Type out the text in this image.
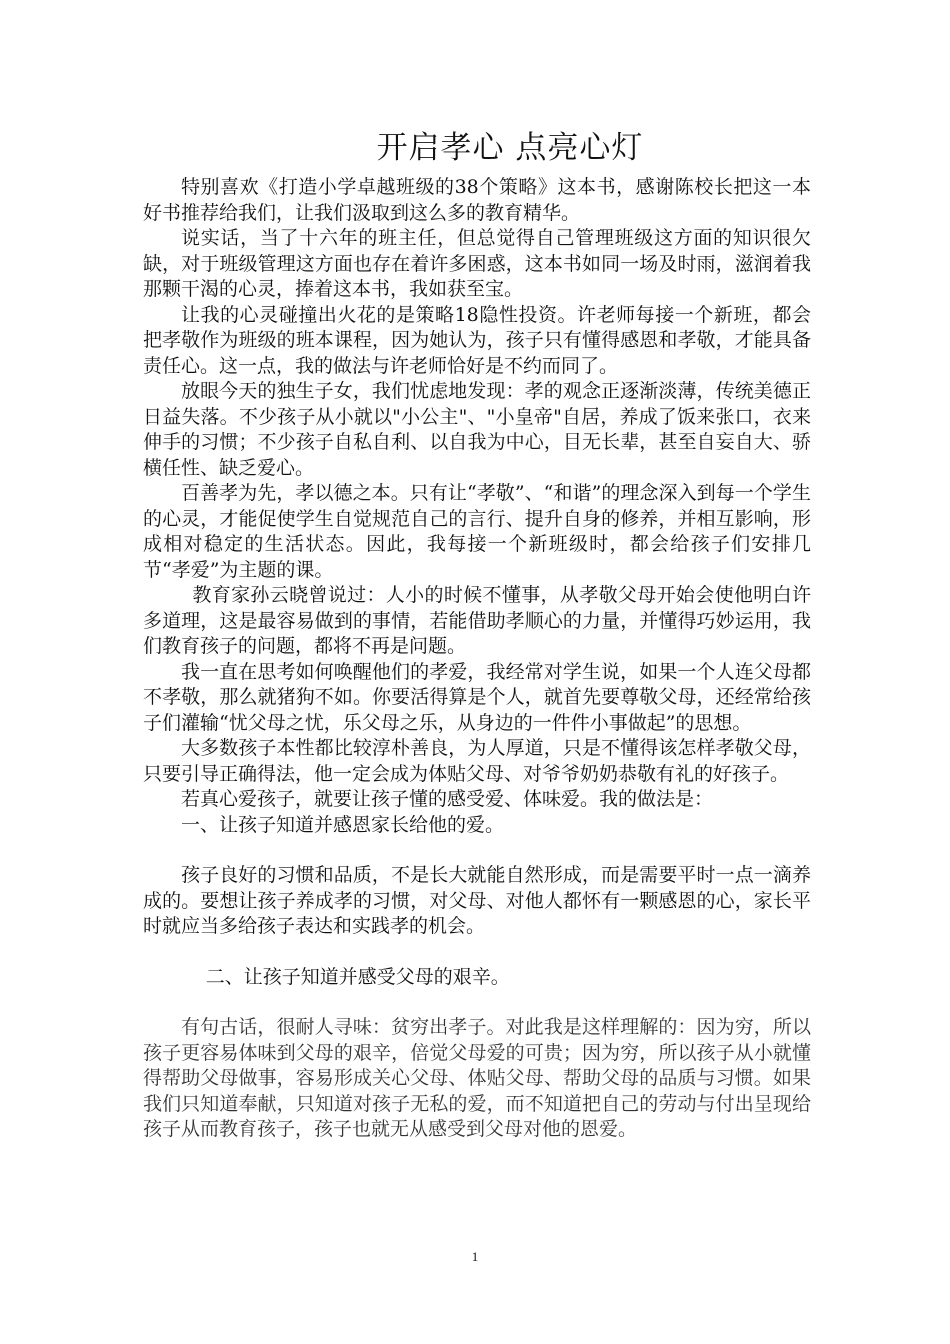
开启孝心 点亮心灯

特别喜欢《打造小学卓越班级的38个策略》这本书，感谢陈校长把这一本好书推荐给我们，让我们汲取到这么多的教育精华。

说实话，当了十六年的班主任，但总觉得自己管理班级这方面的知识很欠缺，对于班级管理这方面也存在着许多困惑，这本书如同一场及时雨，滋润着我那颗干渴的心灵，捧着这本书，我如获至宝。

让我的心灵碰撞出火花的是策略18隐性投资。许老师每接一个新班，都会把孝敬作为班级的班本课程，因为她认为，孩子只有懂得感恩和孝敬，才能具备责任心。这一点，我的做法与许老师恰好是不约而同了。

放眼今天的独生子女，我们忧虑地发现：孝的观念正逐渐淡薄，传统美德正日益失落。不少孩子从小就以"小公主"、"小皇帝"自居，养成了饭来张口，衣来伸手的习惯；不少孩子自私自利、以自我为中心，目无长辈，甚至自妄自大、骄横任性、缺乏爱心。

百善孝为先，孝以德之本。只有让“孝敬”、“和谐”的理念深入到每一个学生的心灵，才能促使学生自觉规范自己的言行、提升自身的修养，并相互影响，形成相对稳定的生活状态。因此，我每接一个新班级时，都会给孩子们安排几节“孝爱”为主题的课。

教育家孙云晓曾说过：人小的时候不懂事，从孝敬父母开始会使他明白许多道理，这是最容易做到的事情，若能借助孝顺心的力量，并懂得巧妙运用，我们教育孩子的问题，都将不再是问题。

我一直在思考如何唤醒他们的孝爱，我经常对学生说，如果一个人连父母都不孝敬，那么就猪狗不如。你要活得算是个人，就首先要尊敬父母，还经常给孩子们灌输“忧父母之忧，乐父母之乐，从身边的一件件小事做起”的思想。

大多数孩子本性都比较淳朴善良，为人厚道，只是不懂得该怎样孝敬父母，只要引导正确得法，他一定会成为体贴父母、对爷爷奶奶恭敬有礼的好孩子。

若真心爱孩子，就要让孩子懂的感受爱、体味爱。我的做法是：

一、让孩子知道并感恩家长给他的爱。

孩子良好的习惯和品质，不是长大就能自然形成，而是需要平时一点一滴养成的。要想让孩子养成孝的习惯，对父母、对他人都怀有一颗感恩的心，家长平时就应当多给孩子表达和实践孝的机会。

二、让孩子知道并感受父母的艰辛。

有句古话，很耐人寻味：贫穷出孝子。对此我是这样理解的：因为穷，所以孩子更容易体味到父母的艰辛，倍觉父母爱的可贵；因为穷，所以孩子从小就懂得帮助父母做事，容易形成关心父母、体贴父母、帮助父母的品质与习惯。如果我们只知道奉献，只知道对孩子无私的爱，而不知道把自己的劳动与付出呈现给孩子从而教育孩子，孩子也就无从感受到父母对他的恩爱。

1
